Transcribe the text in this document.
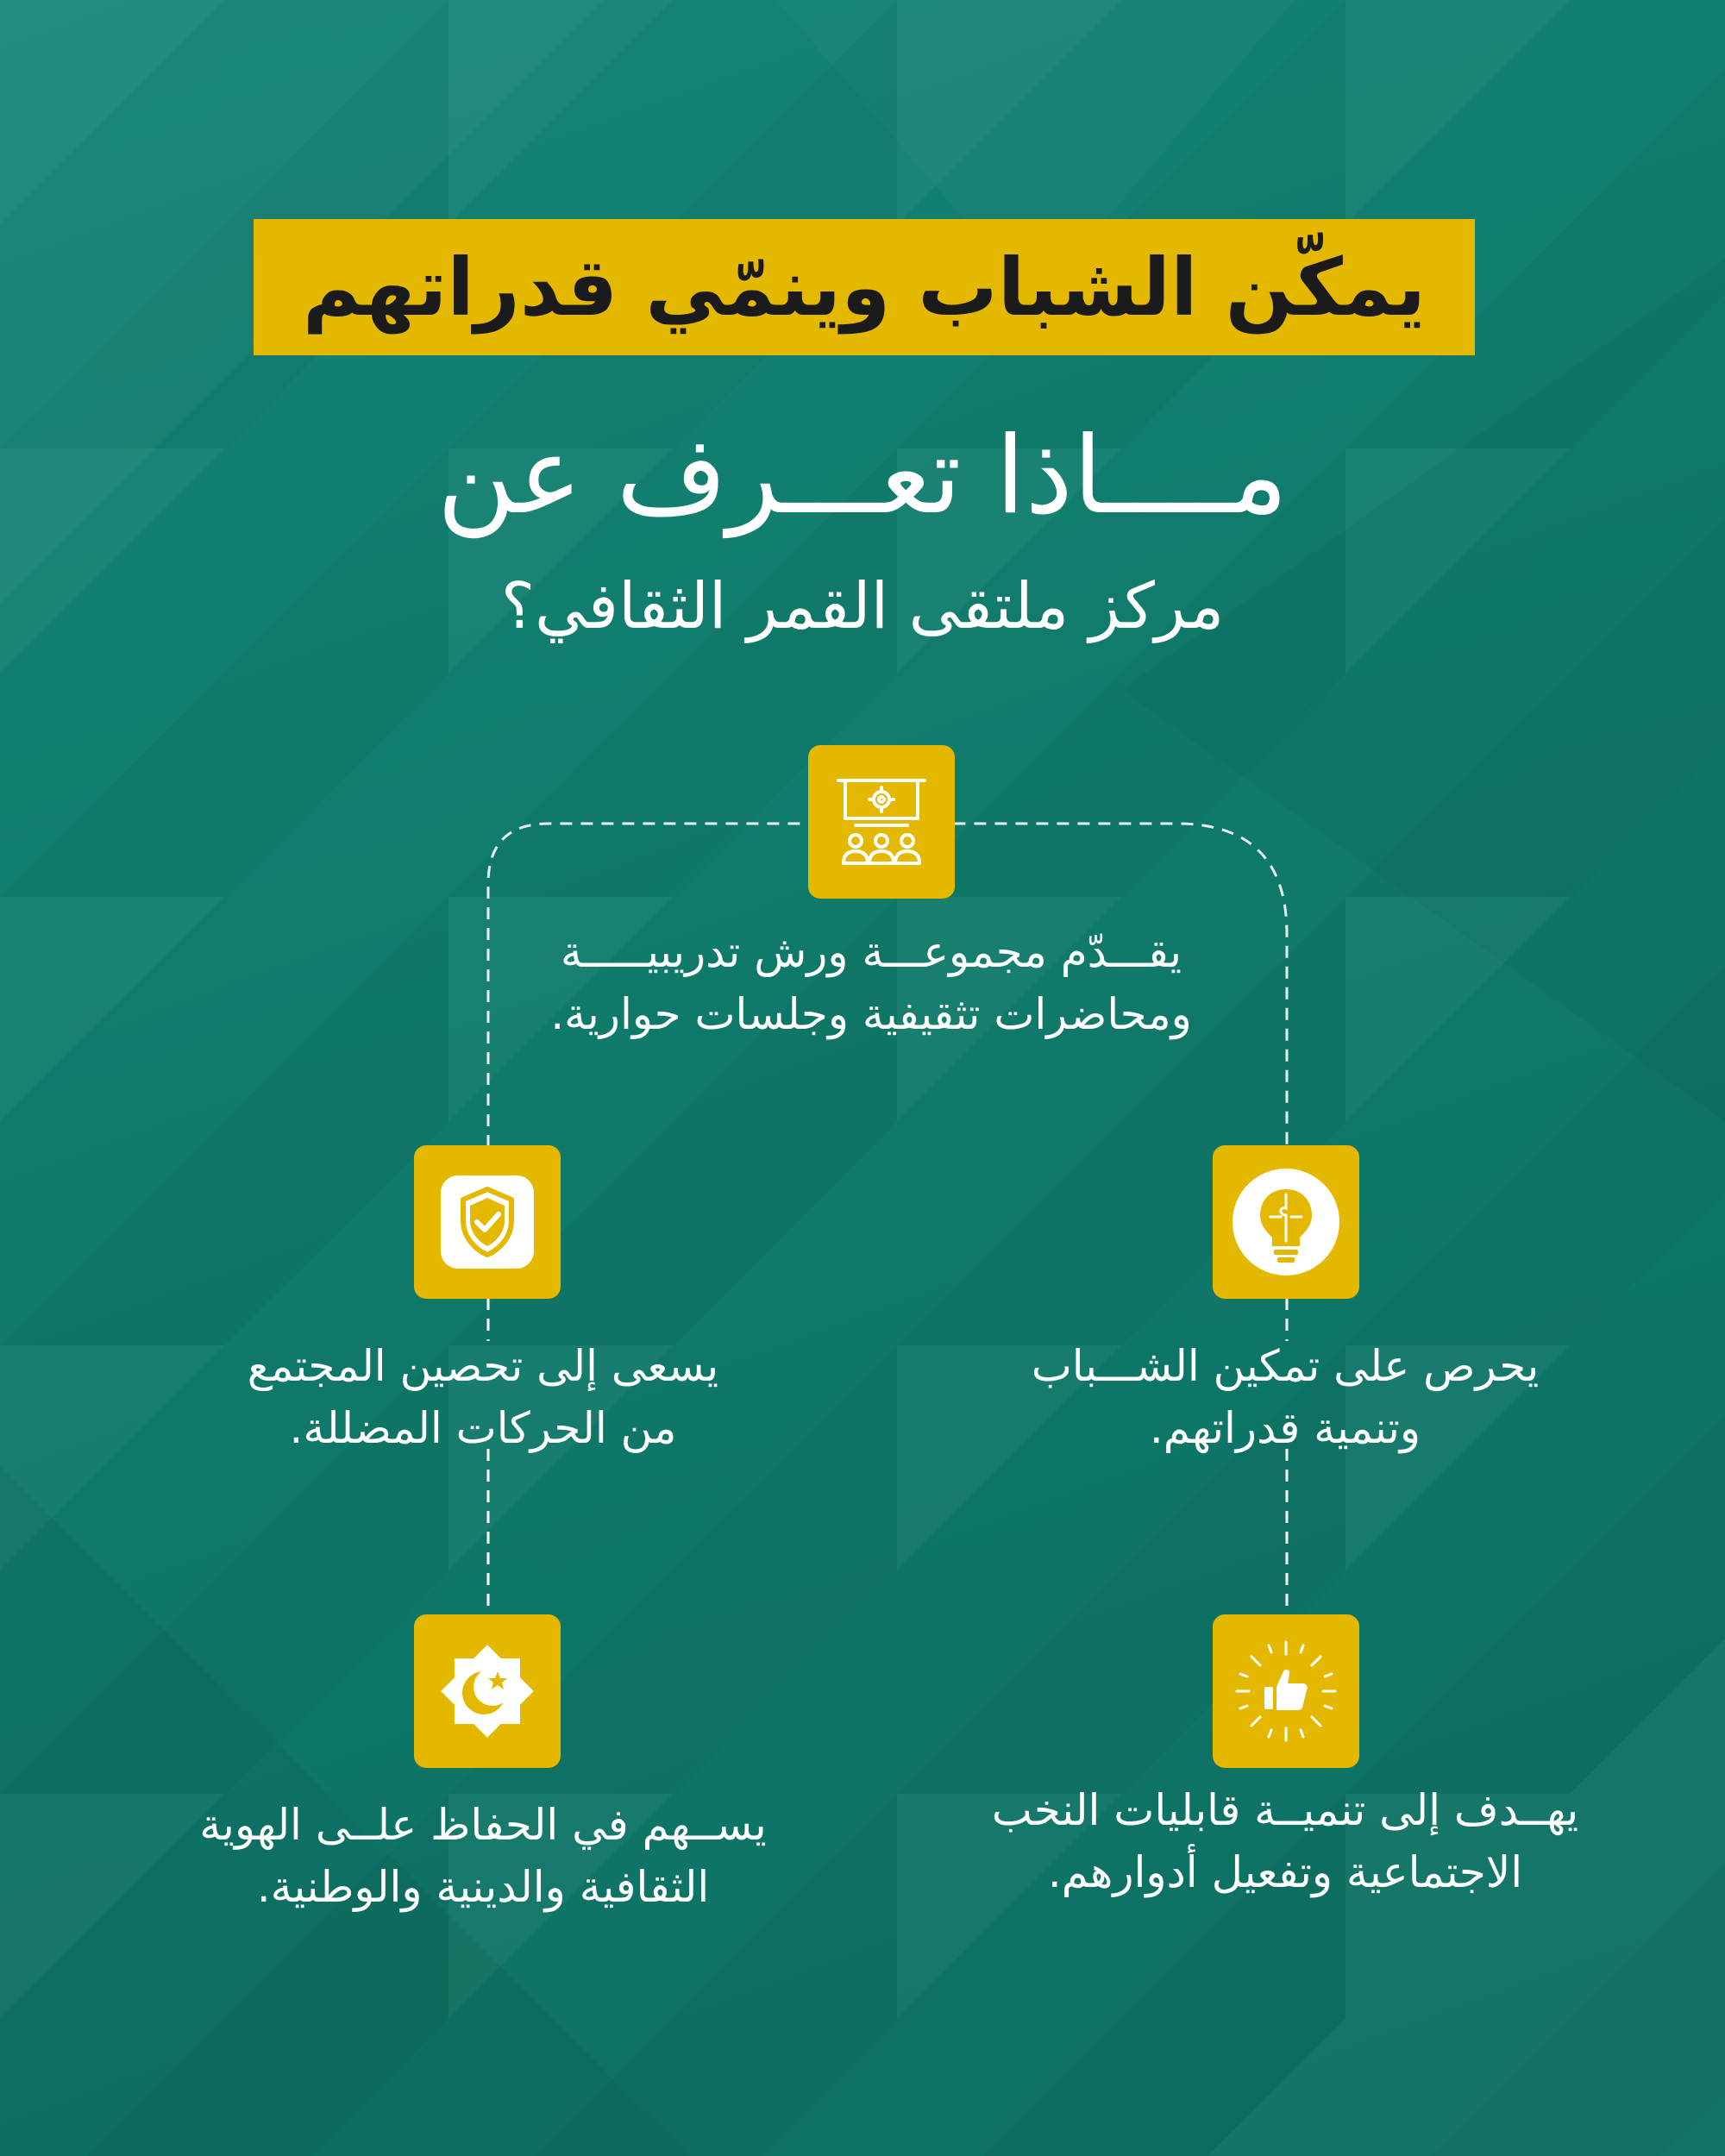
يمكّن الشباب وينمّي قدراتهم
مــــاذا تعـــرف عن
مركز ملتقى القمر الثقافي؟
يقـــدّم مجموعـــة ورش تدريبيـــــة
ومحاضرات تثقيفية وجلسات حوارية.
يحرص على تمكين الشـــباب
وتنمية قدراتهم.
يسعى إلى تحصين المجتمع
من الحركات المضللة.
يهــدف إلى تنميــة قابليات النخب
الاجتماعية وتفعيل أدوارهم.
يســهم في الحفاظ علــى الهوية
الثقافية والدينية والوطنية.
